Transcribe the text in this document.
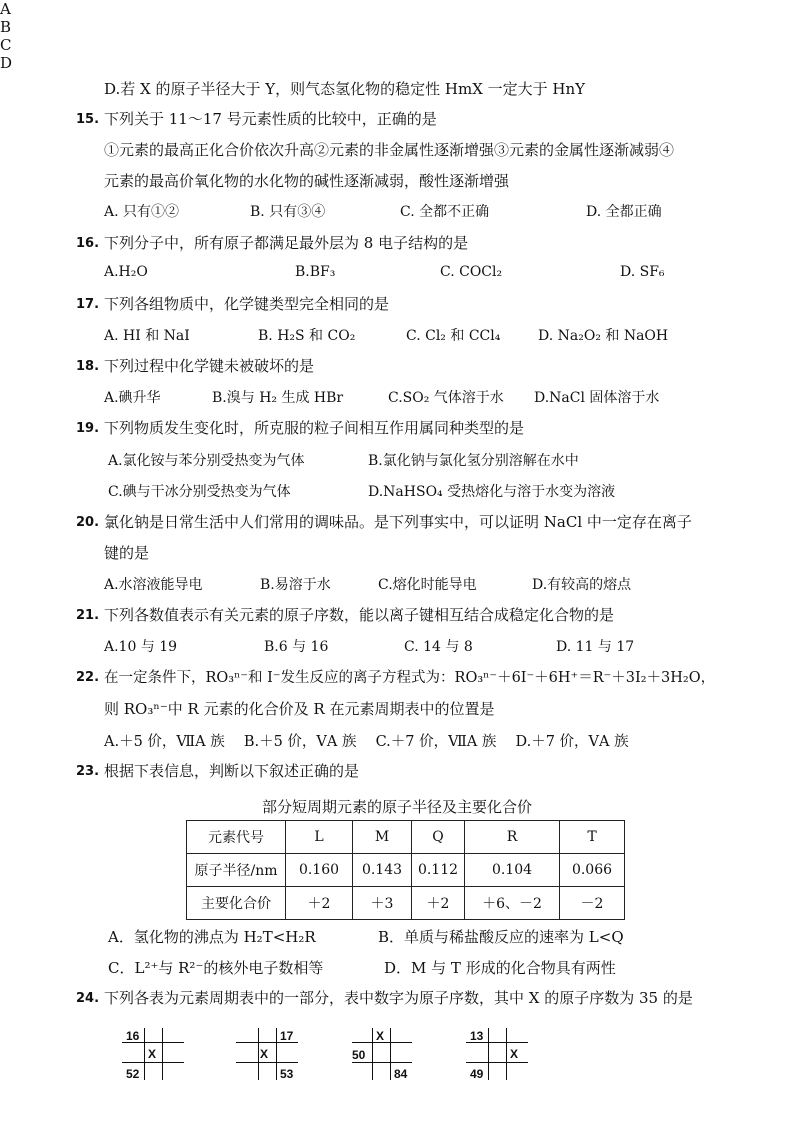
D.若 X 的原子半径大于 Y，则气态氢化物的稳定性 HmX 一定大于 HnY
15. 下列关于 11～17 号元素性质的比较中，正确的是
①元素的最高正化合价依次升高②元素的非金属性逐渐增强③元素的金属性逐渐减弱④
元素的最高价氧化物的水化物的碱性逐渐减弱，酸性逐渐增强
A. 只有①②	B. 只有③④	C. 全都不正确	D. 全都正确
16. 下列分子中，所有原子都满足最外层为 8 电子结构的是
A.H₂O	B.BF₃	C. COCl₂	D. SF₆
17. 下列各组物质中，化学键类型完全相同的是
A. HI 和 NaI	B. H₂S 和 CO₂	C. Cl₂ 和 CCl₄	D. Na₂O₂ 和 NaOH
18. 下列过程中化学键未被破坏的是
A.碘升华	B.溴与 H₂ 生成 HBr	C.SO₂ 气体溶于水 D.NaCl 固体溶于水
19. 下列物质发生变化时，所克服的粒子间相互作用属同种类型的是
A.氯化铵与苯分别受热变为气体	B.氯化钠与氯化氢分别溶解在水中
C.碘与干冰分别受热变为气体	D.NaHSO₄ 受热熔化与溶于水变为溶液
20. 氯化钠是日常生活中人们常用的调味品。是下列事实中，可以证明 NaCl 中一定存在离子
键的是
A.水溶液能导电	B.易溶于水	C.熔化时能导电	D.有较高的熔点
21. 下列各数值表示有关元素的原子序数，能以离子键相互结合成稳定化合物的是
A.10 与 19	B.6 与 16	C. 14 与 8	D. 11 与 17
22. 在一定条件下，RO₃ⁿ⁻和 I⁻发生反应的离子方程式为：RO₃ⁿ⁻＋6I⁻＋6H⁺＝R⁻＋3I₂＋3H₂O，
则 RO₃ⁿ⁻中 R 元素的化合价及 R 在元素周期表中的位置是
A.＋5 价，ⅦA 族　 B.＋5 价，ⅤA 族　 C.＋7 价，ⅦA 族　 D.＋7 价，ⅤA 族
23. 根据下表信息，判断以下叙述正确的是
部分短周期元素的原子半径及主要化合价
元素代号	L	M	Q	R	T
原子半径/nm	0.160	0.143	0.112	0.104	0.066
主要化合价	＋2	＋3	＋2	＋6、－2	－2
A．氢化物的沸点为 H₂T<H₂R	B．单质与稀盐酸反应的速率为 L<Q
C．L²⁺与 R²⁻的核外电子数相等	D．M 与 T 形成的化合物具有两性
24. 下列各表为元素周期表中的一部分，表中数字为原子序数，其中 X 的原子序数为 35 的是
16
X
52
A
17
X
53
B
X
50
84
C
13
X
49
D
